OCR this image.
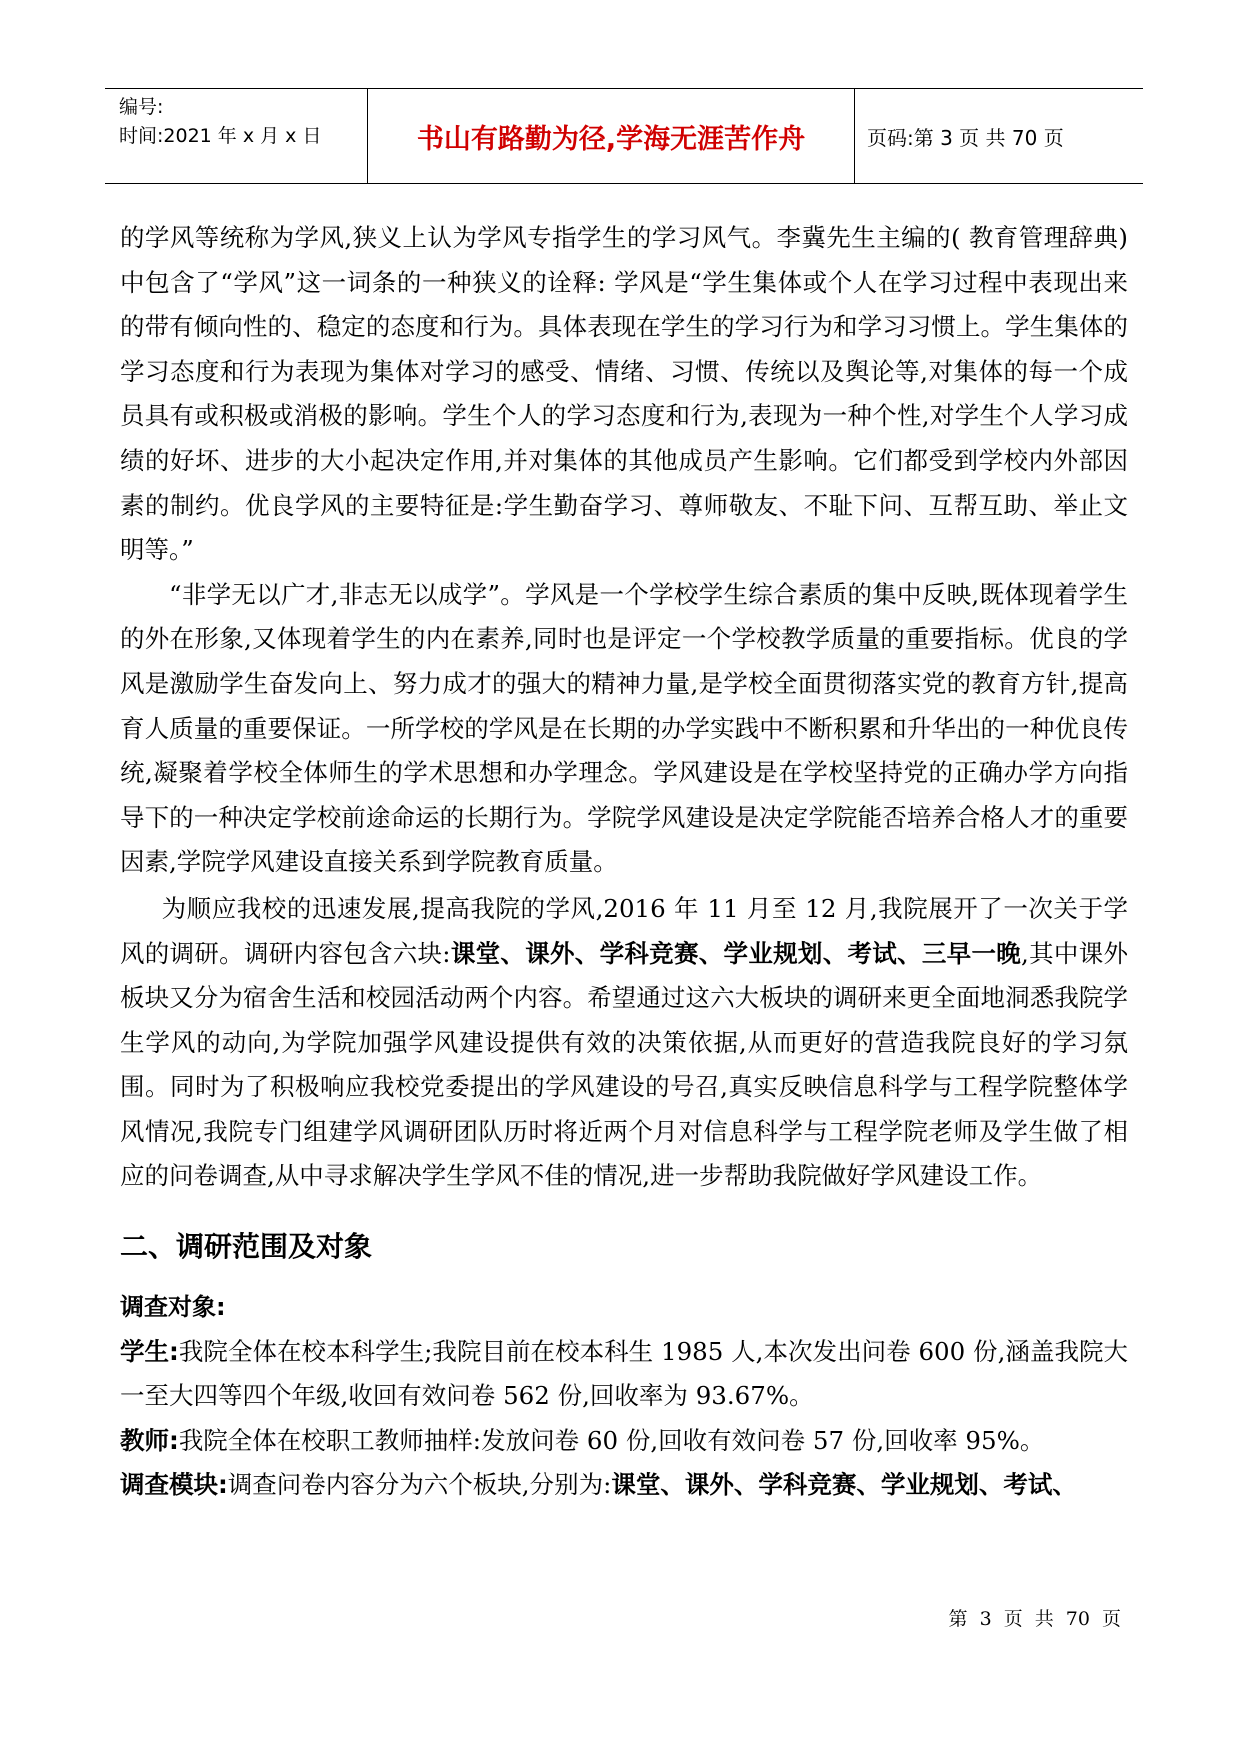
编号:
时间:2021 年 x 月 x 日	书山有路勤为径,学海无涯苦作舟	页码:第 3 页 共 70 页

的学风等统称为学风,狭义上认为学风专指学生的学习风气。李冀先生主编的( 教育管理辞典)中包含了“学风”这一词条的一种狭义的诠释: 学风是“学生集体或个人在学习过程中表现出来的带有倾向性的、稳定的态度和行为。具体表现在学生的学习行为和学习习惯上。学生集体的学习态度和行为表现为集体对学习的感受、情绪、习惯、传统以及舆论等,对集体的每一个成员具有或积极或消极的影响。学生个人的学习态度和行为,表现为一种个性,对学生个人学习成绩的好坏、进步的大小起决定作用,并对集体的其他成员产生影响。它们都受到学校内外部因素的制约。优良学风的主要特征是:学生勤奋学习、尊师敬友、不耻下问、互帮互助、举止文明等。”

“非学无以广才,非志无以成学”。学风是一个学校学生综合素质的集中反映,既体现着学生的外在形象,又体现着学生的内在素养,同时也是评定一个学校教学质量的重要指标。优良的学风是激励学生奋发向上、努力成才的强大的精神力量,是学校全面贯彻落实党的教育方针,提高育人质量的重要保证。一所学校的学风是在长期的办学实践中不断积累和升华出的一种优良传统,凝聚着学校全体师生的学术思想和办学理念。学风建设是在学校坚持党的正确办学方向指导下的一种决定学校前途命运的长期行为。学院学风建设是决定学院能否培养合格人才的重要因素,学院学风建设直接关系到学院教育质量。

为顺应我校的迅速发展,提高我院的学风,2016 年 11 月至 12 月,我院展开了一次关于学风的调研。调研内容包含六块:课堂、课外、学科竞赛、学业规划、考试、三早一晚,其中课外板块又分为宿舍生活和校园活动两个内容。希望通过这六大板块的调研来更全面地洞悉我院学生学风的动向,为学院加强学风建设提供有效的决策依据,从而更好的营造我院良好的学习氛围。同时为了积极响应我校党委提出的学风建设的号召,真实反映信息科学与工程学院整体学风情况,我院专门组建学风调研团队历时将近两个月对信息科学与工程学院老师及学生做了相应的问卷调查,从中寻求解决学生学风不佳的情况,进一步帮助我院做好学风建设工作。

二、调研范围及对象

调查对象:

学生:我院全体在校本科学生;我院目前在校本科生 1985 人,本次发出问卷 600 份,涵盖我院大一至大四等四个年级,收回有效问卷 562 份,回收率为 93.67%。

教师:我院全体在校职工教师抽样:发放问卷 60 份,回收有效问卷 57 份,回收率 95%。

调查模块:调查问卷内容分为六个板块,分别为:课堂、课外、学科竞赛、学业规划、考试、

第 3 页 共 70 页
